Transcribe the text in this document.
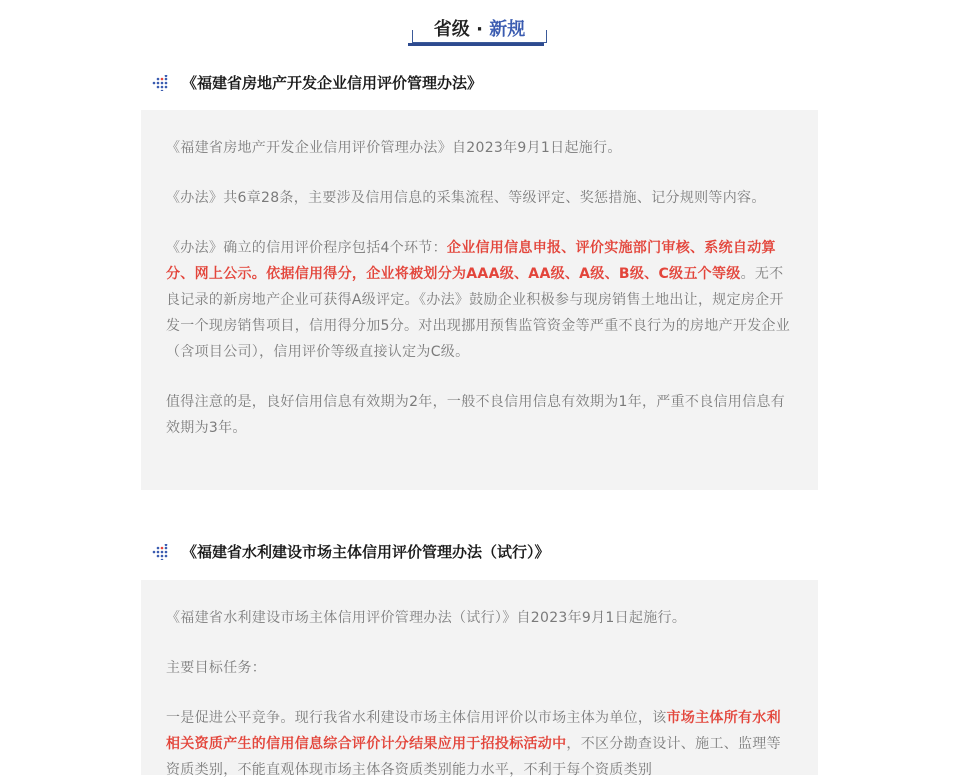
省级 · 新规
《福建省房地产开发企业信用评价管理办法》

《福建省房地产开发企业信用评价管理办法》自2023年9月1日起施行。

《办法》共6章28条，主要涉及信用信息的采集流程、等级评定、奖惩措施、记分规则等内容。

《办法》确立的信用评价程序包括4个环节：企业信用信息申报、评价实施部门审核、系统自动算分、网上公示。依据信用得分，企业将被划分为AAA级、AA级、A级、B级、C级五个等级。无不良记录的新房地产企业可获得A级评定。《办法》鼓励企业积极参与现房销售土地出让，规定房企开发一个现房销售项目，信用得分加5分。对出现挪用预售监管资金等严重不良行为的房地产开发企业（含项目公司），信用评价等级直接认定为C级。

值得注意的是，良好信用信息有效期为2年，一般不良信用信息有效期为1年，严重不良信用信息有效期为3年。

《福建省水利建设市场主体信用评价管理办法（试行）》

《福建省水利建设市场主体信用评价管理办法（试行）》自2023年9月1日起施行。

主要目标任务：

一是促进公平竞争。现行我省水利建设市场主体信用评价以市场主体为单位，该市场主体所有水利相关资质产生的信用信息综合评价计分结果应用于招投标活动中，不区分勘查设计、施工、监理等资质类别，不能直观体现市场主体各资质类别能力水平，不利于每个资质类别
